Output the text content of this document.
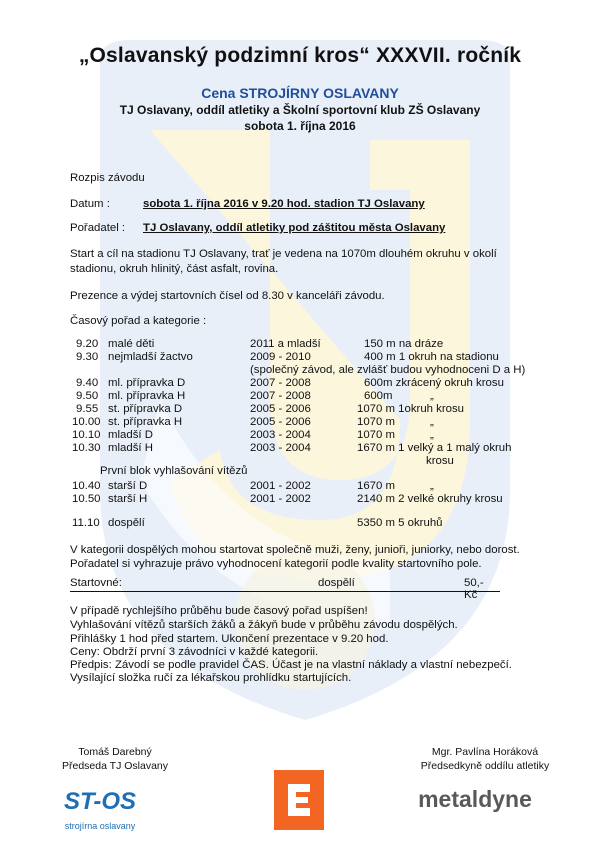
„Oslavanský podzimní kros“ XXXVII. ročník
Cena STROJÍRNY OSLAVANY
TJ Oslavany, oddíl atletiky a Školní sportovní klub ZŠ Oslavany
sobota 1. října 2016
Rozpis závodu
Datum :	sobota 1. října 2016 v 9.20 hod. stadion TJ Oslavany
Pořadatel : TJ Oslavany, oddíl atletiky pod záštitou města Oslavany
Start a cíl na stadionu TJ Oslavany, trať je vedena na 1070m dlouhém okruhu v okolí
stadionu, okruh hlinitý, část asfalt, rovina.
Prezence a výdej startovních čísel od 8.30 v kanceláři závodu.
Časový pořad a kategorie :
9.20 malé děti	2011 a mladší	150 m na dráze
9.30 nejmladší žactvo	2009 - 2010	400 m 1 okruh na stadionu
(společný závod, ale zvlášť budou vyhodnoceni D a H)
9.40 ml. přípravka D	2007 - 2008	600m zkrácený okruh krosu
9.50 ml. přípravka H	2007 - 2008	600m	„
9.55 st. přípravka D	2005 - 2006	1070 m 1okruh krosu
10.00 st. přípravka H	2005 - 2006	1070 m	„
10.10 mladší D	2003 - 2004	1070 m	„
10.30 mladší H	2003 - 2004	1670 m 1 velký a 1 malý okruh
krosu
První blok vyhlašování vítězů
10.40 starší D	2001 - 2002	1670 m	„
10.50 starší H	2001 - 2002	2140 m 2 velké okruhy krosu
11.10 dospělí	5350 m 5 okruhů
V kategorii dospělých mohou startovat společně muži, ženy, junioři, juniorky, nebo dorost.
Pořadatel si vyhrazuje právo vyhodnocení kategorií podle kvality startovního pole.
Startovné:	dospělí	50,- Kč
V případě rychlejšího průběhu bude časový pořad uspíšen!
Vyhlašování vítězů starších žáků a žákyň bude v průběhu závodu dospělých.
Přihlášky 1 hod před startem. Ukončení prezentace v 9.20 hod.
Ceny: Obdrží první 3 závodníci v každé kategorii.
Předpis: Závodí se podle pravidel ČAS. Účast je na vlastní náklady a vlastní nebezpečí.
Vysílající složka ručí za lékařskou prohlídku startujících.
Tomáš Darebný
Předseda TJ Oslavany
Mgr. Pavlína Horáková
Předsedkyně oddílu atletiky
ST-OS
strojírna oslavany
metaldyne
